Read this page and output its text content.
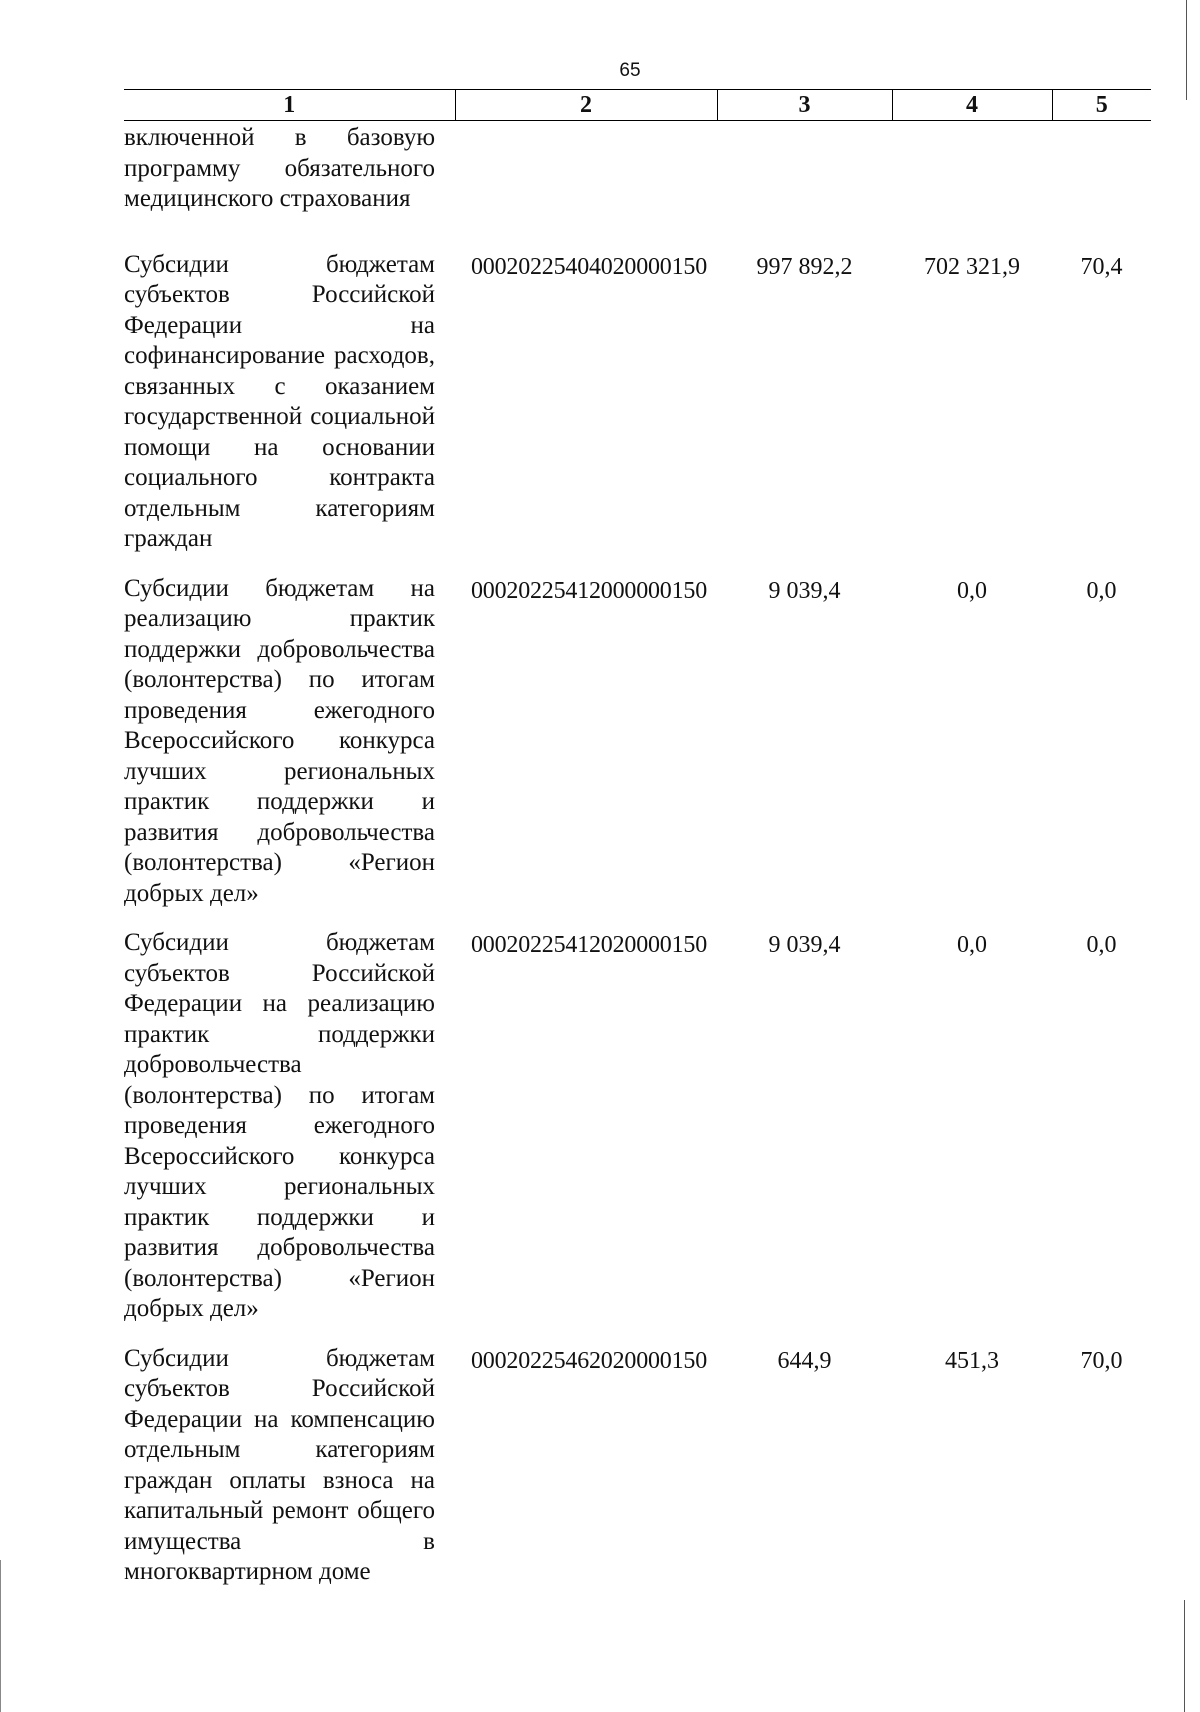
65
1	2	3	4	5
включенной в базовую программу обязательного медицинского страхования				
Субсидии бюджетам субъектов Российской Федерации на софинансирование расходов, связанных с оказанием государственной социальной помощи на основании социального контракта отдельным категориям граждан	00020225404020000150	997 892,2	702 321,9	70,4
Субсидии бюджетам на реализацию практик поддержки добровольчества (волонтерства) по итогам проведения ежегодного Всероссийского конкурса лучших региональных практик поддержки и развития добровольчества (волонтерства) «Регион добрых дел»	00020225412000000150	9 039,4	0,0	0,0
Субсидии бюджетам субъектов Российской Федерации на реализацию практик поддержки добровольчества (волонтерства) по итогам проведения ежегодного Всероссийского конкурса лучших региональных практик поддержки и развития добровольчества (волонтерства) «Регион добрых дел»	00020225412020000150	9 039,4	0,0	0,0
Субсидии бюджетам субъектов Российской Федерации на компенсацию отдельным категориям граждан оплаты взноса на капитальный ремонт общего имущества в многоквартирном доме	00020225462020000150	644,9	451,3	70,0
